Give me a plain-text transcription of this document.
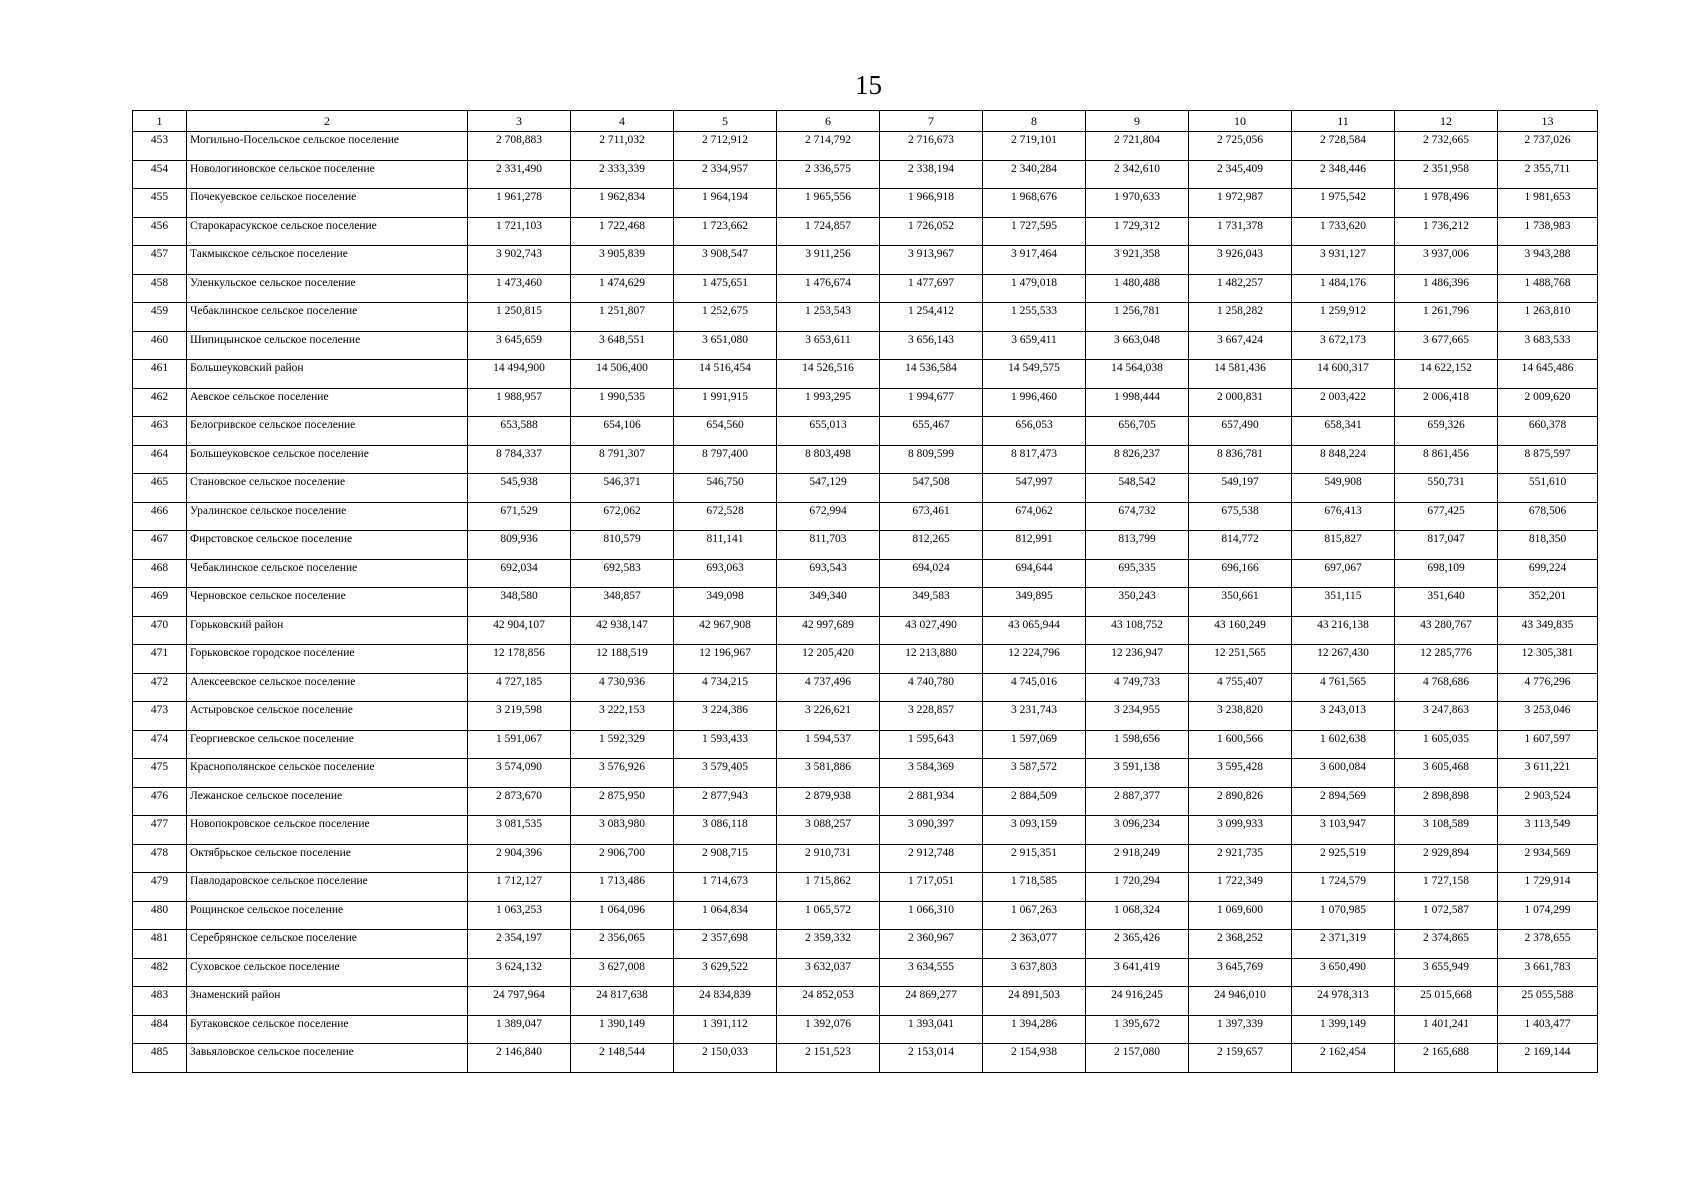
15
1	2	3	4	5	6	7	8	9	10	11	12	13
453	Могильно-Посельское сельское поселение	2 708,883	2 711,032	2 712,912	2 714,792	2 716,673	2 719,101	2 721,804	2 725,056	2 728,584	2 732,665	2 737,026
454	Новологиновское сельское поселение	2 331,490	2 333,339	2 334,957	2 336,575	2 338,194	2 340,284	2 342,610	2 345,409	2 348,446	2 351,958	2 355,711
455	Почекуевское сельское поселение	1 961,278	1 962,834	1 964,194	1 965,556	1 966,918	1 968,676	1 970,633	1 972,987	1 975,542	1 978,496	1 981,653
456	Старокарасукское сельское поселение	1 721,103	1 722,468	1 723,662	1 724,857	1 726,052	1 727,595	1 729,312	1 731,378	1 733,620	1 736,212	1 738,983
457	Такмыкское сельское поселение	3 902,743	3 905,839	3 908,547	3 911,256	3 913,967	3 917,464	3 921,358	3 926,043	3 931,127	3 937,006	3 943,288
458	Уленкульское сельское поселение	1 473,460	1 474,629	1 475,651	1 476,674	1 477,697	1 479,018	1 480,488	1 482,257	1 484,176	1 486,396	1 488,768
459	Чебаклинское сельское поселение	1 250,815	1 251,807	1 252,675	1 253,543	1 254,412	1 255,533	1 256,781	1 258,282	1 259,912	1 261,796	1 263,810
460	Шипицынское сельское поселение	3 645,659	3 648,551	3 651,080	3 653,611	3 656,143	3 659,411	3 663,048	3 667,424	3 672,173	3 677,665	3 683,533
461	Большеуковский район	14 494,900	14 506,400	14 516,454	14 526,516	14 536,584	14 549,575	14 564,038	14 581,436	14 600,317	14 622,152	14 645,486
462	Аевское сельское поселение	1 988,957	1 990,535	1 991,915	1 993,295	1 994,677	1 996,460	1 998,444	2 000,831	2 003,422	2 006,418	2 009,620
463	Белогривское сельское поселение	653,588	654,106	654,560	655,013	655,467	656,053	656,705	657,490	658,341	659,326	660,378
464	Большеуковское сельское поселение	8 784,337	8 791,307	8 797,400	8 803,498	8 809,599	8 817,473	8 826,237	8 836,781	8 848,224	8 861,456	8 875,597
465	Становское сельское поселение	545,938	546,371	546,750	547,129	547,508	547,997	548,542	549,197	549,908	550,731	551,610
466	Уралинское сельское поселение	671,529	672,062	672,528	672,994	673,461	674,062	674,732	675,538	676,413	677,425	678,506
467	Фирстовское сельское поселение	809,936	810,579	811,141	811,703	812,265	812,991	813,799	814,772	815,827	817,047	818,350
468	Чебаклинское сельское поселение	692,034	692,583	693,063	693,543	694,024	694,644	695,335	696,166	697,067	698,109	699,224
469	Черновское сельское поселение	348,580	348,857	349,098	349,340	349,583	349,895	350,243	350,661	351,115	351,640	352,201
470	Горьковский район	42 904,107	42 938,147	42 967,908	42 997,689	43 027,490	43 065,944	43 108,752	43 160,249	43 216,138	43 280,767	43 349,835
471	Горьковское городское поселение	12 178,856	12 188,519	12 196,967	12 205,420	12 213,880	12 224,796	12 236,947	12 251,565	12 267,430	12 285,776	12 305,381
472	Алексеевское сельское поселение	4 727,185	4 730,936	4 734,215	4 737,496	4 740,780	4 745,016	4 749,733	4 755,407	4 761,565	4 768,686	4 776,296
473	Астыровское сельское поселение	3 219,598	3 222,153	3 224,386	3 226,621	3 228,857	3 231,743	3 234,955	3 238,820	3 243,013	3 247,863	3 253,046
474	Георгиевское сельское поселение	1 591,067	1 592,329	1 593,433	1 594,537	1 595,643	1 597,069	1 598,656	1 600,566	1 602,638	1 605,035	1 607,597
475	Краснополянское сельское поселение	3 574,090	3 576,926	3 579,405	3 581,886	3 584,369	3 587,572	3 591,138	3 595,428	3 600,084	3 605,468	3 611,221
476	Лежанское сельское поселение	2 873,670	2 875,950	2 877,943	2 879,938	2 881,934	2 884,509	2 887,377	2 890,826	2 894,569	2 898,898	2 903,524
477	Новопокровское сельское поселение	3 081,535	3 083,980	3 086,118	3 088,257	3 090,397	3 093,159	3 096,234	3 099,933	3 103,947	3 108,589	3 113,549
478	Октябрьское сельское поселение	2 904,396	2 906,700	2 908,715	2 910,731	2 912,748	2 915,351	2 918,249	2 921,735	2 925,519	2 929,894	2 934,569
479	Павлодаровское сельское поселение	1 712,127	1 713,486	1 714,673	1 715,862	1 717,051	1 718,585	1 720,294	1 722,349	1 724,579	1 727,158	1 729,914
480	Рощинское сельское поселение	1 063,253	1 064,096	1 064,834	1 065,572	1 066,310	1 067,263	1 068,324	1 069,600	1 070,985	1 072,587	1 074,299
481	Серебрянское сельское поселение	2 354,197	2 356,065	2 357,698	2 359,332	2 360,967	2 363,077	2 365,426	2 368,252	2 371,319	2 374,865	2 378,655
482	Суховское сельское поселение	3 624,132	3 627,008	3 629,522	3 632,037	3 634,555	3 637,803	3 641,419	3 645,769	3 650,490	3 655,949	3 661,783
483	Знаменский район	24 797,964	24 817,638	24 834,839	24 852,053	24 869,277	24 891,503	24 916,245	24 946,010	24 978,313	25 015,668	25 055,588
484	Бутаковское сельское поселение	1 389,047	1 390,149	1 391,112	1 392,076	1 393,041	1 394,286	1 395,672	1 397,339	1 399,149	1 401,241	1 403,477
485	Завьяловское сельское поселение	2 146,840	2 148,544	2 150,033	2 151,523	2 153,014	2 154,938	2 157,080	2 159,657	2 162,454	2 165,688	2 169,144
